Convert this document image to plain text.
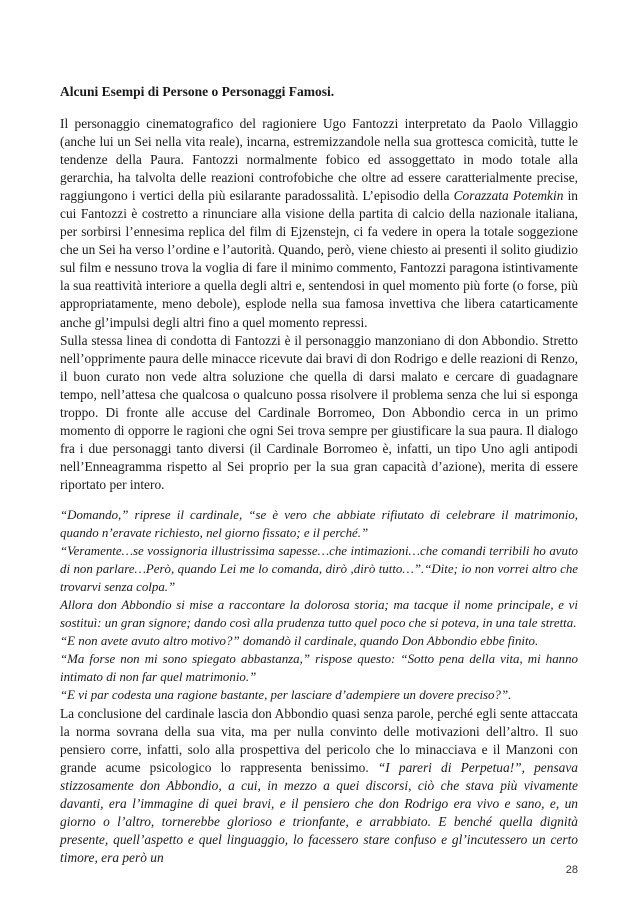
Alcuni Esempi di Persone o Personaggi Famosi.

Il personaggio cinematografico del ragioniere Ugo Fantozzi interpretato da Paolo Villaggio (anche lui un Sei nella vita reale), incarna, estremizzandole nella sua grottesca comicità, tutte le tendenze della Paura. Fantozzi normalmente fobico ed assoggettato in modo totale alla gerarchia, ha talvolta delle reazioni controfobiche che oltre ad essere caratterialmente precise, raggiungono i vertici della più esilarante paradossalità. L’episodio della Corazzata Potemkin in cui Fantozzi è costretto a rinunciare alla visione della partita di calcio della nazionale italiana, per sorbirsi l’ennesima replica del film di Ejzenstejn, ci fa vedere in opera la totale soggezione che un Sei ha verso l’ordine e l’autorità. Quando, però, viene chiesto ai presenti il solito giudizio sul film e nessuno trova la voglia di fare il minimo commento, Fantozzi paragona istintivamente la sua reattività interiore a quella degli altri e, sentendosi in quel momento più forte (o forse, più appropriatamente, meno debole), esplode nella sua famosa invettiva che libera catarticamente anche gl’impulsi degli altri fino a quel momento repressi.

Sulla stessa linea di condotta di Fantozzi è il personaggio manzoniano di don Abbondio. Stretto nell’opprimente paura delle minacce ricevute dai bravi di don Rodrigo e delle reazioni di Renzo, il buon curato non vede altra soluzione che quella di darsi malato e cercare di guadagnare tempo, nell’attesa che qualcosa o qualcuno possa risolvere il problema senza che lui si esponga troppo. Di fronte alle accuse del Cardinale Borromeo, Don Abbondio cerca in un primo momento di opporre le ragioni che ogni Sei trova sempre per giustificare la sua paura. Il dialogo fra i due personaggi tanto diversi (il Cardinale Borromeo è, infatti, un tipo Uno agli antipodi nell’Enneagramma rispetto al Sei proprio per la sua gran capacità d’azione), merita di essere riportato per intero.

“Domando,” riprese il cardinale, “se è vero che abbiate rifiutato di celebrare il matrimonio, quando n’eravate richiesto, nel giorno fissato; e il perché.”
“Veramente…se vossignoria illustrissima sapesse…che intimazioni…che comandi terribili ho avuto di non parlare…Però, quando Lei me lo comanda, dirò ,dirò tutto…”.“Dite; io non vorrei altro che trovarvi senza colpa.”
Allora don Abbondio si mise a raccontare la dolorosa storia; ma tacque il nome principale, e vi sostituì: un gran signore; dando così alla prudenza tutto quel poco che si poteva, in una tale stretta.
“E non avete avuto altro motivo?” domandò il cardinale, quando Don Abbondio ebbe finito.
“Ma forse non mi sono spiegato abbastanza,” rispose questo: “Sotto pena della vita, mi hanno intimato di non far quel matrimonio.”
“E vi par codesta una ragione bastante, per lasciare d’adempiere un dovere preciso?”.

La conclusione del cardinale lascia don Abbondio quasi senza parole, perché egli sente attaccata la norma sovrana della sua vita, ma per nulla convinto delle motivazioni dell’altro. Il suo pensiero corre, infatti, solo alla prospettiva del pericolo che lo minacciava e il Manzoni con grande acume psicologico lo rappresenta benissimo. “I pareri di Perpetua!”, pensava stizzosamente don Abbondio, a cui, in mezzo a quei discorsi, ciò che stava più vivamente davanti, era l’immagine di quei bravi, e il pensiero che don Rodrigo era vivo e sano, e, un giorno o l’altro, tornerebbe glorioso e trionfante, e arrabbiato. E benché quella dignità presente, quell’aspetto e quel linguaggio, lo facessero stare confuso e gl’incutessero un certo timore, era però un

28
